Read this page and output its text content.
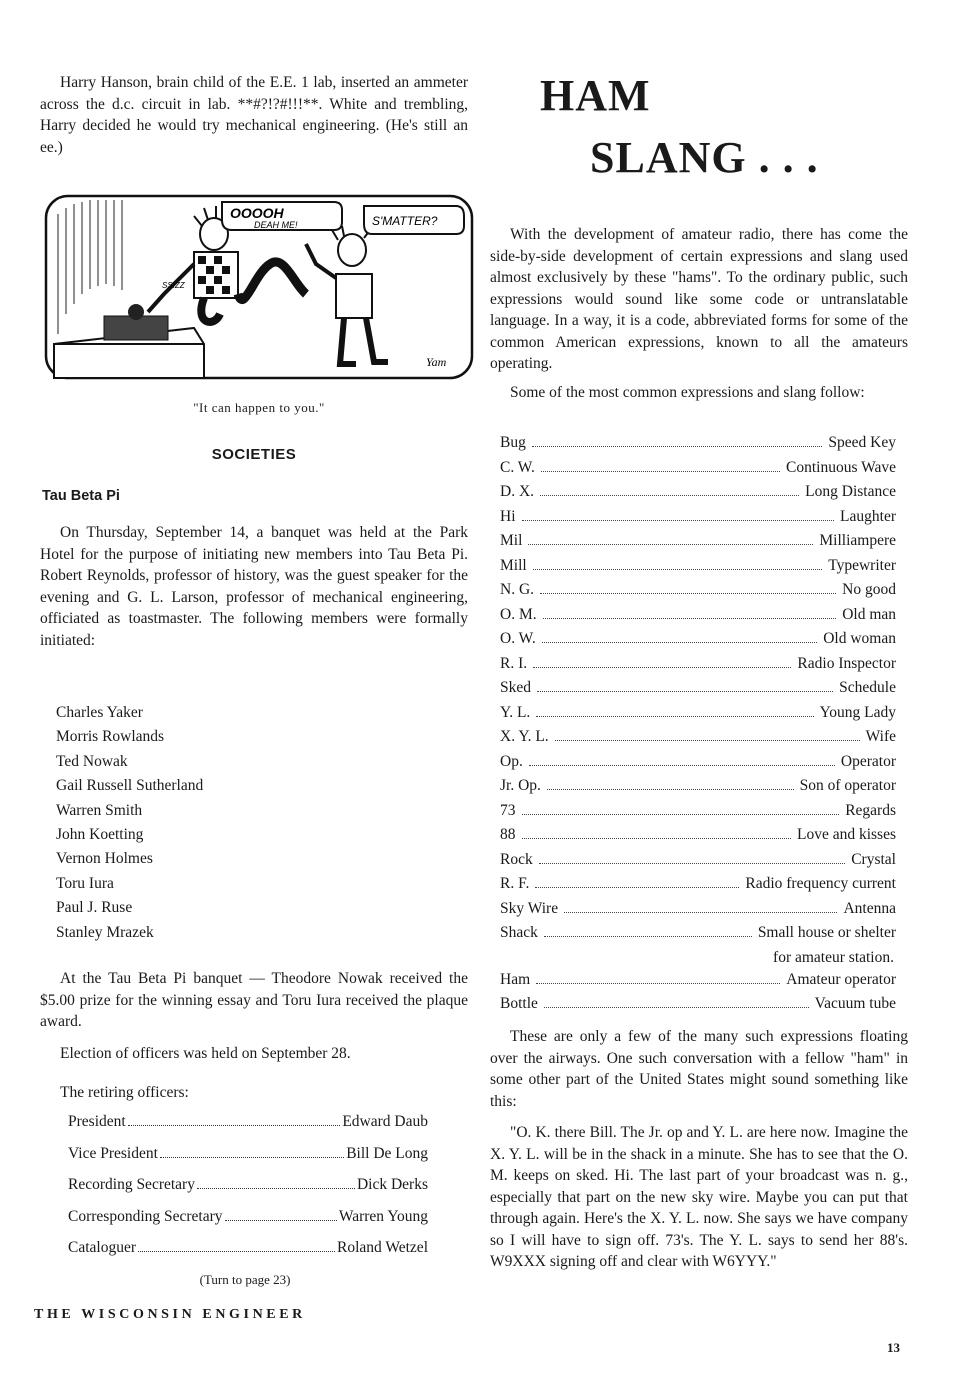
Harry Hanson, brain child of the E.E. 1 lab, inserted an ammeter across the d.c. circuit in lab. **#?!?#!!!**. White and trembling, Harry decided he would try mechanical engineering. (He's still an ee.)

OOOOH
DEAH ME!	S'MATTER?
SSIZZ
Yam
"It can happen to you."
SOCIETIES
Tau Beta Pi

On Thursday, September 14, a banquet was held at the Park Hotel for the purpose of initiating new members into Tau Beta Pi. Robert Reynolds, professor of history, was the guest speaker for the evening and G. L. Larson, professor of mechanical engineering, officiated as toastmaster. The following members were formally initiated:

Charles Yaker
Morris Rowlands
Ted Nowak
Gail Russell Sutherland
Warren Smith
John Koetting
Vernon Holmes
Toru Iura
Paul J. Ruse
Stanley Mrazek

At the Tau Beta Pi banquet — Theodore Nowak received the $5.00 prize for the winning essay and Toru Iura received the plaque award.

Election of officers was held on September 28.

The retiring officers:

President	Edward Daub
Vice President	Bill De Long
Recording Secretary	Dick Derks
Corresponding Secretary	Warren Young
Cataloguer	Roland Wetzel
(Turn to page 23)
HAM
SLANG . . .

With the development of amateur radio, there has come the side-by-side development of certain expressions and slang used almost exclusively by these "hams". To the ordinary public, such expressions would sound like some code or untranslatable language. In a way, it is a code, abbreviated forms for some of the common American expressions, known to all the amateurs operating.

Some of the most common expressions and slang follow:

Bug	Speed Key
C. W.	Continuous Wave
D. X.	Long Distance
Hi	Laughter
Mil	Milliampere
Mill	Typewriter
N. G.	No good
O. M.	Old man
O. W.	Old woman
R. I.	Radio Inspector
Sked	Schedule
Y. L.	Young Lady
X. Y. L.	Wife
Op.	Operator
Jr. Op.	Son of operator
73	Regards
88	Love and kisses
Rock	Crystal
R. F.	Radio frequency current
Sky Wire	Antenna
Shack	Small house or shelter
for amateur station.
Ham	Amateur operator
Bottle	Vacuum tube

These are only a few of the many such expressions floating over the airways. One such conversation with a fellow "ham" in some other part of the United States might sound something like this:

"O. K. there Bill. The Jr. op and Y. L. are here now. Imagine the X. Y. L. will be in the shack in a minute. She has to see that the O. M. keeps on sked. Hi. The last part of your broadcast was n. g., especially that part on the new sky wire. Maybe you can put that through again. Here's the X. Y. L. now. She says we have company so I will have to sign off. 73's. The Y. L. says to send her 88's. W9XXX signing off and clear with W6YYY."

THE WISCONSIN ENGINEER
13
